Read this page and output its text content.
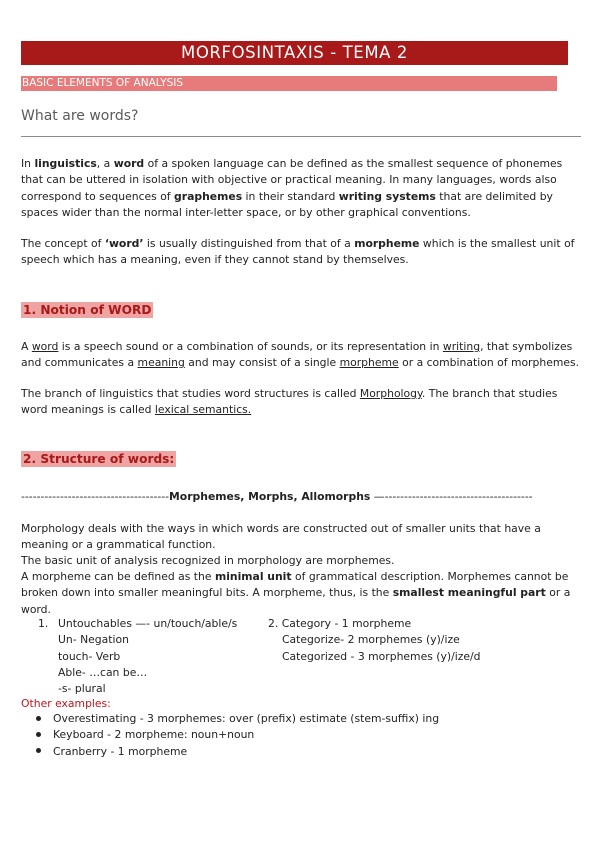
MORFOSINTAXIS - TEMA 2
BASIC ELEMENTS OF ANALYSIS
What are words?

In linguistics, a word of a spoken language can be defined as the smallest sequence of phonemes that can be uttered in isolation with objective or practical meaning. In many languages, words also correspond to sequences of graphemes in their standard writing systems that are delimited by spaces wider than the normal inter-letter space, or by other graphical conventions.

The concept of ‘word’ is usually distinguished from that of a morpheme which is the smallest unit of speech which has a meaning, even if they cannot stand by themselves.

1. Notion of WORD

A word is a speech sound or a combination of sounds, or its representation in writing, that symbolizes and communicates a meaning and may consist of a single morpheme or a combination of morphemes.

The branch of linguistics that studies word structures is called Morphology. The branch that studies word meanings is called lexical semantics.

2. Structure of words:
--------------------------------------Morphemes, Morphs, Allomorphs —--------------------------------------

Morphology deals with the ways in which words are constructed out of smaller units that have a meaning or a grammatical function.

The basic unit of analysis recognized in morphology are morphemes.

A morpheme can be defined as the minimal unit of grammatical description. Morphemes cannot be broken down into smaller meaningful bits. A morpheme, thus, is the smallest meaningful part or a word.

1. Untouchables —- un/touch/able/s
Un- Negation
touch- Verb
Able- …can be…
-s- plural
2. Category - 1 morpheme
Categorize- 2 morphemes (y)/ize
Categorized - 3 morphemes (y)/ize/d
Other examples:
Overestimating - 3 morphemes: over (prefix) estimate (stem-suffix) ing
Keyboard - 2 morpheme: noun+noun
Cranberry - 1 morpheme
